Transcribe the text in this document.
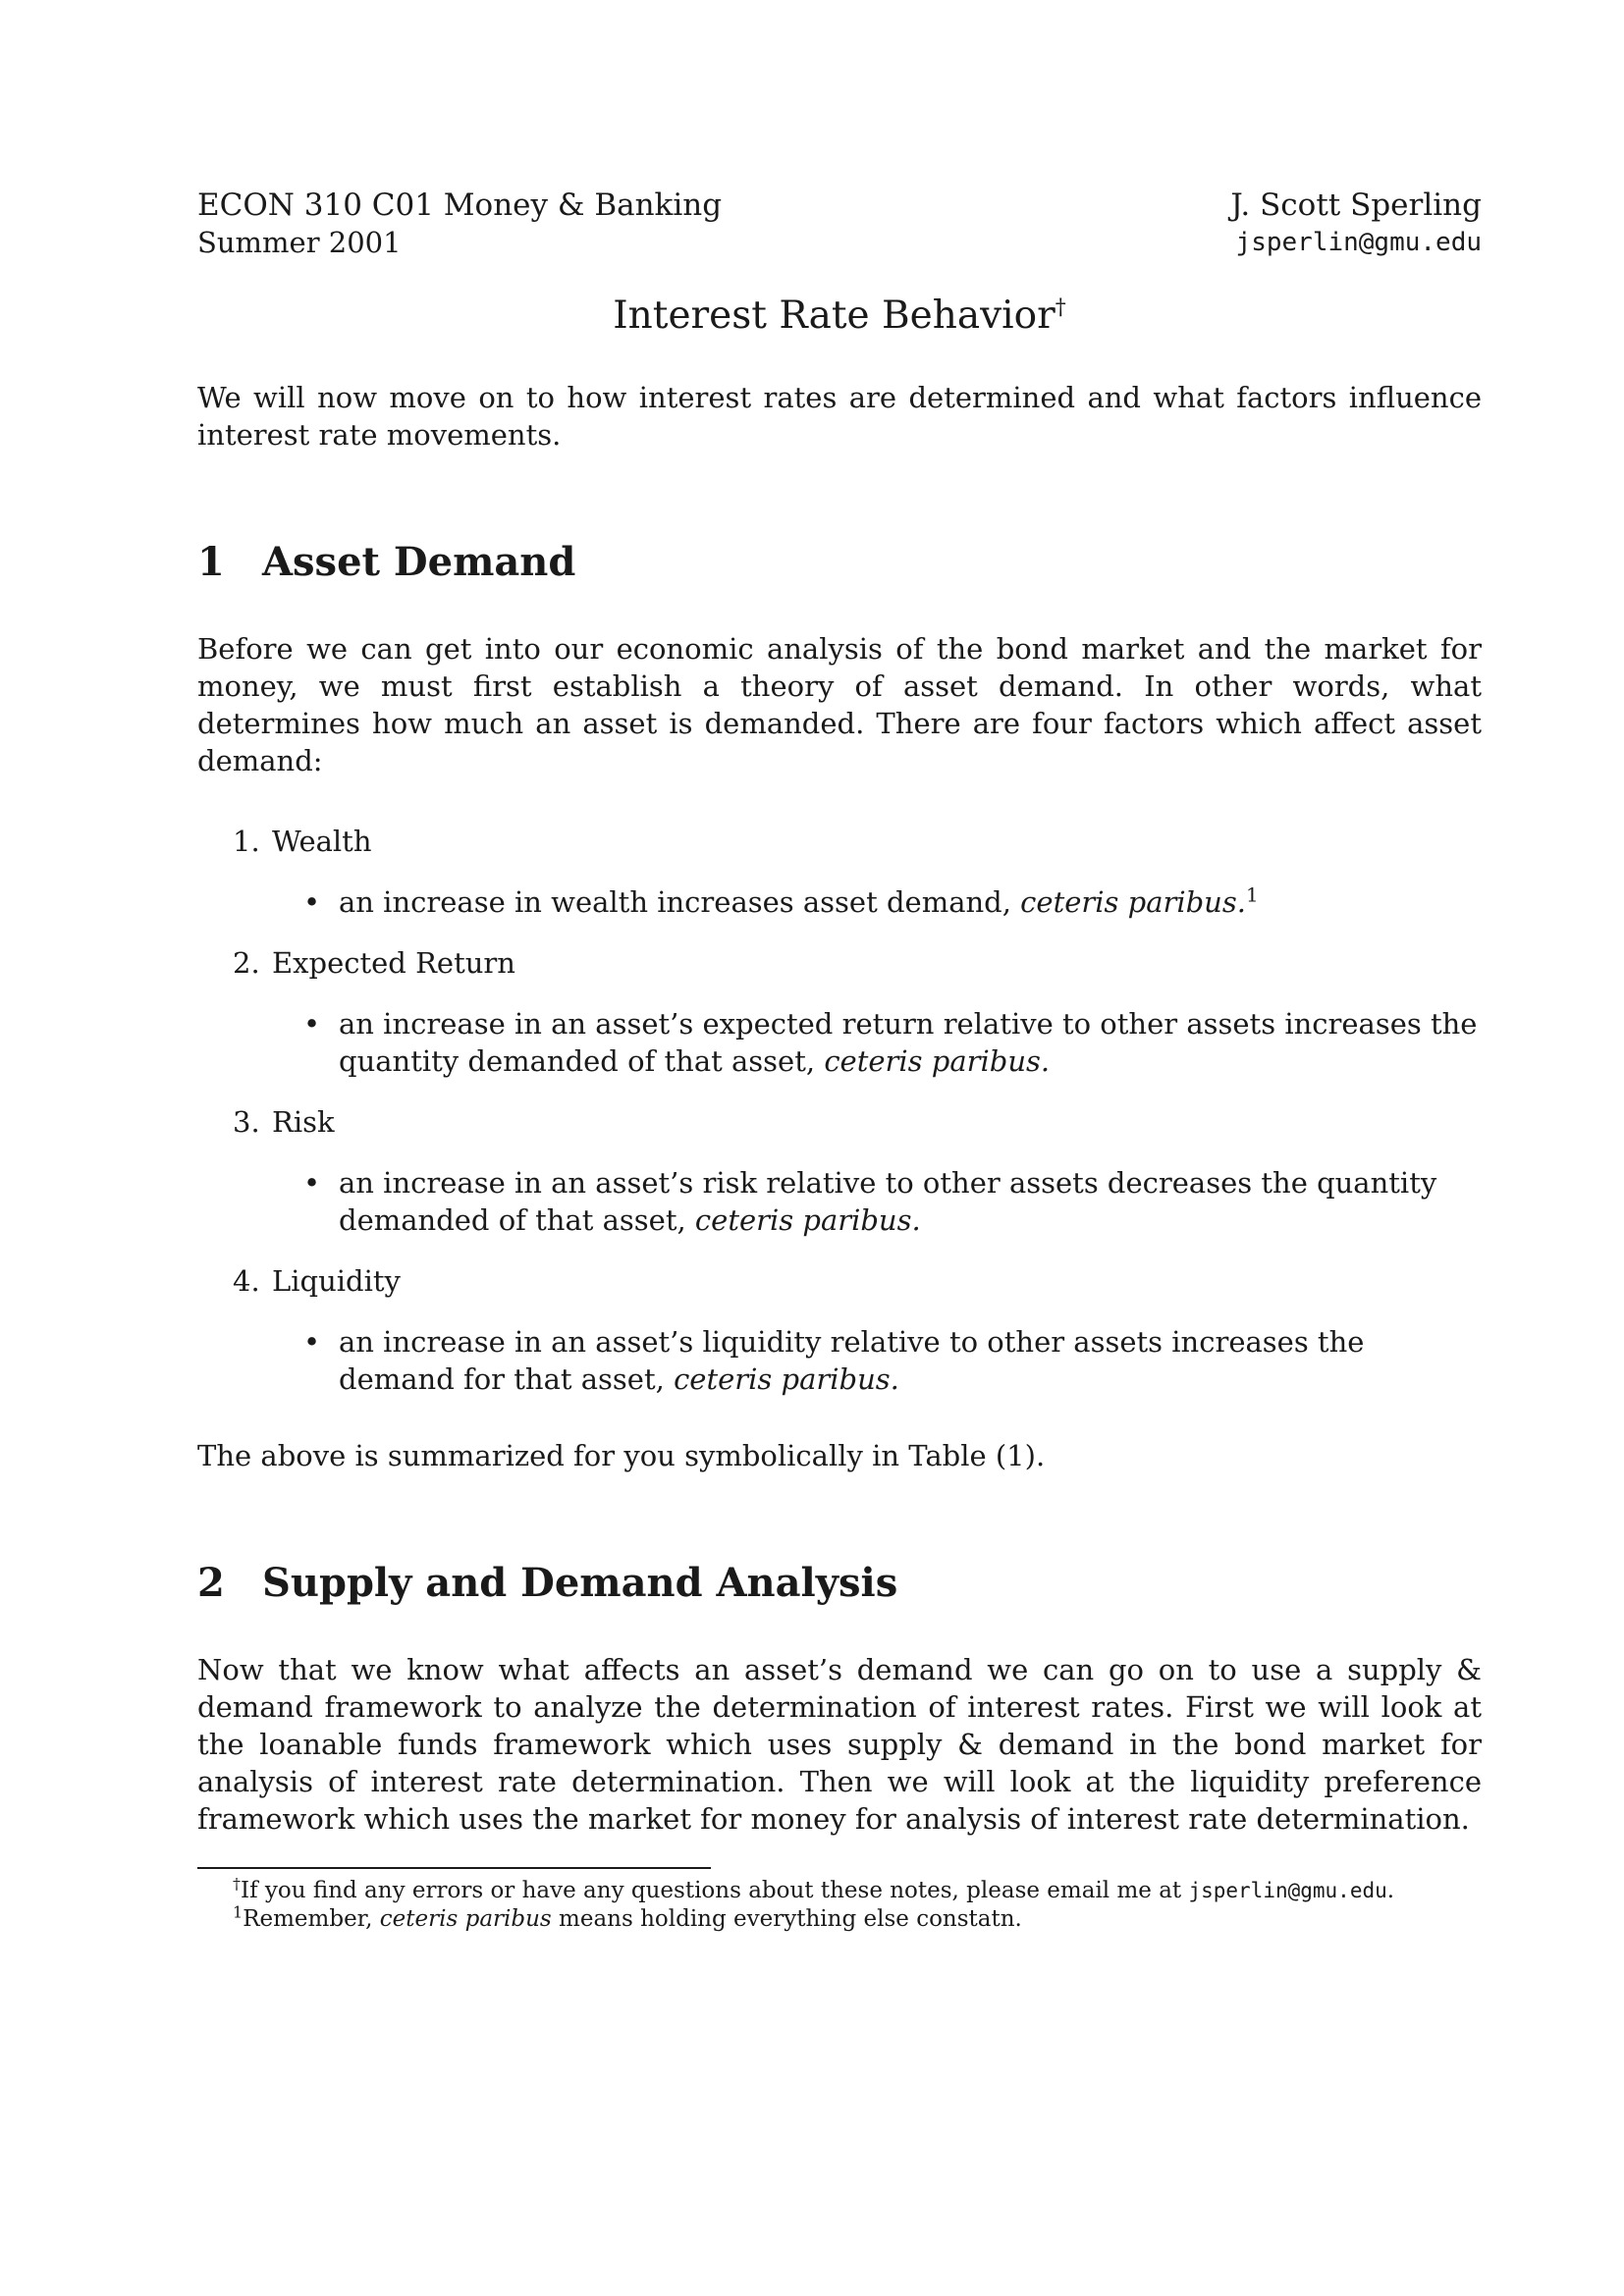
ECON 310 C01 Money & Banking
Summer 2001
J. Scott Sperling
jsperlin@gmu.edu
Interest Rate Behavior†

We will now move on to how interest rates are determined and what factors influence interest rate movements.

1 Asset Demand

Before we can get into our economic analysis of the bond market and the market for money, we must first establish a theory of asset demand. In other words, what determines how much an asset is demanded. There are four factors which affect asset demand:

1. Wealth
• an increase in wealth increases asset demand, ceteris paribus.$^1$
2. Expected Return
• an increase in an asset’s expected return relative to other assets increases the quantity demanded of that asset, ceteris paribus.
3. Risk
• an increase in an asset’s risk relative to other assets decreases the quantity demanded of that asset, ceteris paribus.
4. Liquidity
• an increase in an asset’s liquidity relative to other assets increases the demand for that asset, ceteris paribus.

The above is summarized for you symbolically in Table (1).

2 Supply and Demand Analysis

Now that we know what affects an asset’s demand we can go on to use a supply & demand framework to analyze the determination of interest rates. First we will look at the loanable funds framework which uses supply & demand in the bond market for analysis of interest rate determination. Then we will look at the liquidity preference framework which uses the market for money for analysis of interest rate determination.

†If you find any errors or have any questions about these notes, please email me at jsperlin@gmu.edu.
$^1$Remember, ceteris paribus means holding everything else constatn.
